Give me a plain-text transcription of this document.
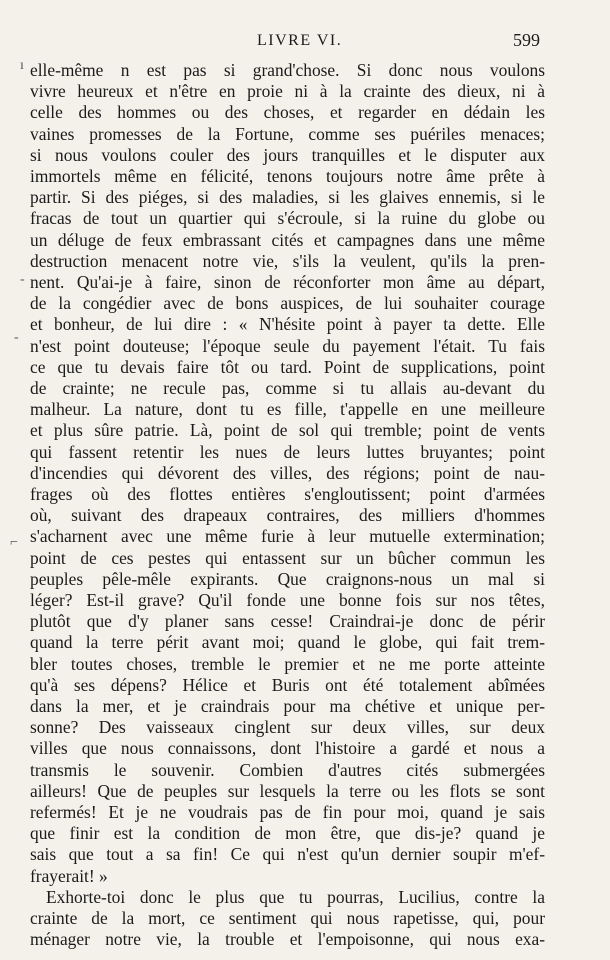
LIVRE VI.	599
ı
-
-
⌐
elle-même n est pas si grand'chose. Si donc nous voulons
vivre heureux et n'être en proie ni à la crainte des dieux, ni à
celle des hommes ou des choses, et regarder en dédain les
vaines promesses de la Fortune, comme ses puériles menaces;
si nous voulons couler des jours tranquilles et le disputer aux
immortels même en félicité, tenons toujours notre âme prête à
partir. Si des piéges, si des maladies, si les glaives ennemis, si le
fracas de tout un quartier qui s'écroule, si la ruine du globe ou
un déluge de feux embrassant cités et campagnes dans une même
destruction menacent notre vie, s'ils la veulent, qu'ils la pren-
nent. Qu'ai-je à faire, sinon de réconforter mon âme au départ,
de la congédier avec de bons auspices, de lui souhaiter courage
et bonheur, de lui dire : « N'hésite point à payer ta dette. Elle
n'est point douteuse; l'époque seule du payement l'était. Tu fais
ce que tu devais faire tôt ou tard. Point de supplications, point
de crainte; ne recule pas, comme si tu allais au-devant du
malheur. La nature, dont tu es fille, t'appelle en une meilleure
et plus sûre patrie. Là, point de sol qui tremble; point de vents
qui fassent retentir les nues de leurs luttes bruyantes; point
d'incendies qui dévorent des villes, des régions; point de nau-
frages où des flottes entières s'engloutissent; point d'armées
où, suivant des drapeaux contraires, des milliers d'hommes
s'acharnent avec une même furie à leur mutuelle extermination;
point de ces pestes qui entassent sur un bûcher commun les
peuples pêle-mêle expirants. Que craignons-nous un mal si
léger? Est-il grave? Qu'il fonde une bonne fois sur nos têtes,
plutôt que d'y planer sans cesse! Craindrai-je donc de périr
quand la terre périt avant moi; quand le globe, qui fait trem-
bler toutes choses, tremble le premier et ne me porte atteinte
qu'à ses dépens? Hélice et Buris ont été totalement abîmées
dans la mer, et je craindrais pour ma chétive et unique per-
sonne? Des vaisseaux cinglent sur deux villes, sur deux
villes que nous connaissons, dont l'histoire a gardé et nous a
transmis le souvenir. Combien d'autres cités submergées
ailleurs! Que de peuples sur lesquels la terre ou les flots se sont
refermés! Et je ne voudrais pas de fin pour moi, quand je sais
que finir est la condition de mon être, que dis-je? quand je
sais que tout a sa fin! Ce qui n'est qu'un dernier soupir m'ef-
frayerait! »
Exhorte-toi donc le plus que tu pourras, Lucilius, contre la
crainte de la mort, ce sentiment qui nous rapetisse, qui, pour
ménager notre vie, la trouble et l'empoisonne, qui nous exa-
